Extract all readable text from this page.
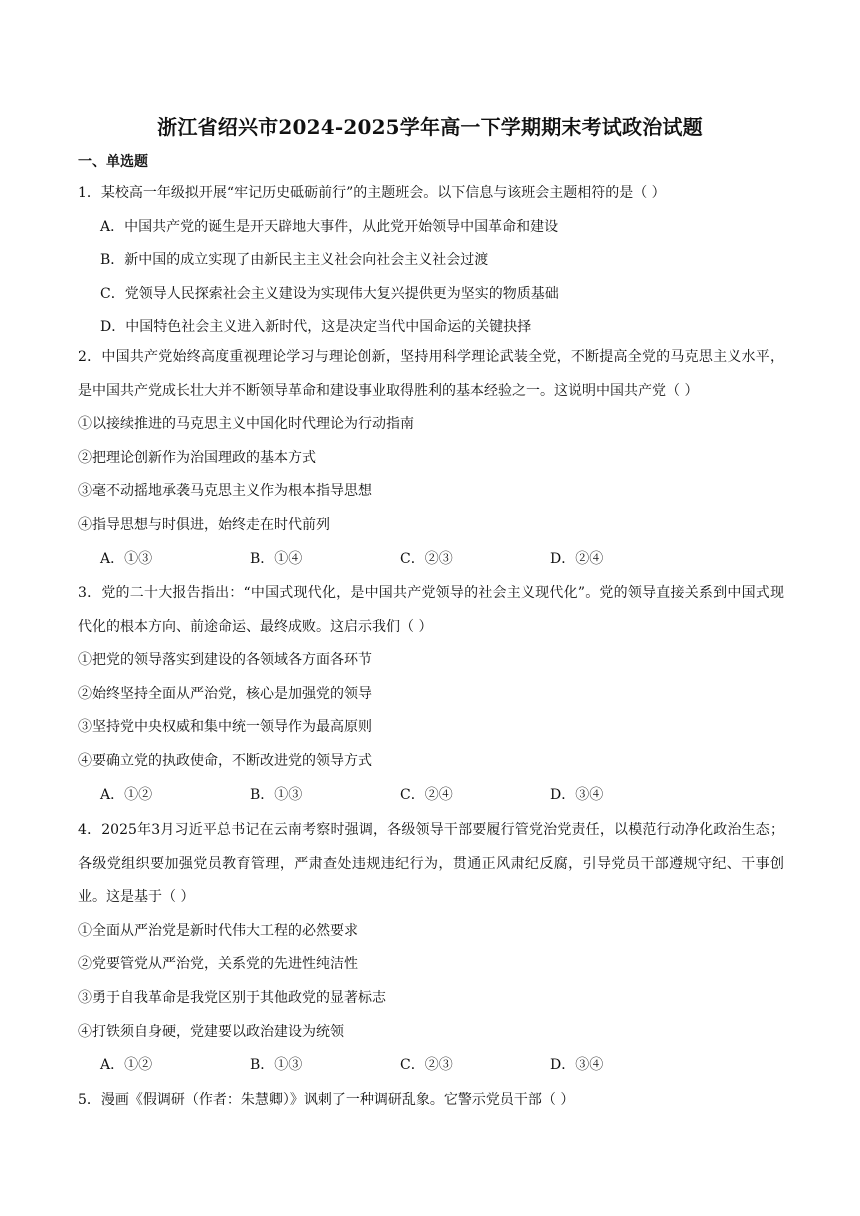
浙江省绍兴市2024-2025学年高一下学期期末考试政治试题
一、单选题
1．某校高一年级拟开展“牢记历史砥砺前行”的主题班会。以下信息与该班会主题相符的是（ ）
A．中国共产党的诞生是开天辟地大事件，从此党开始领导中国革命和建设
B．新中国的成立实现了由新民主主义社会向社会主义社会过渡
C．党领导人民探索社会主义建设为实现伟大复兴提供更为坚实的物质基础
D．中国特色社会主义进入新时代，这是决定当代中国命运的关键抉择
2．中国共产党始终高度重视理论学习与理论创新，坚持用科学理论武装全党，不断提高全党的马克思主义水平，是中国共产党成长壮大并不断领导革命和建设事业取得胜利的基本经验之一。这说明中国共产党（ ）
①以接续推进的马克思主义中国化时代理论为行动指南
②把理论创新作为治国理政的基本方式
③毫不动摇地承袭马克思主义作为根本指导思想
④指导思想与时俱进，始终走在时代前列
A．①③	B．①④	C．②③	D．②④
3．党的二十大报告指出：“中国式现代化，是中国共产党领导的社会主义现代化”。党的领导直接关系到中国式现代化的根本方向、前途命运、最终成败。这启示我们（ ）
①把党的领导落实到建设的各领域各方面各环节
②始终坚持全面从严治党，核心是加强党的领导
③坚持党中央权威和集中统一领导作为最高原则
④要确立党的执政使命，不断改进党的领导方式
A．①②	B．①③	C．②④	D．③④
4．2025年3月习近平总书记在云南考察时强调，各级领导干部要履行管党治党责任，以模范行动净化政治生态；各级党组织要加强党员教育管理，严肃查处违规违纪行为，贯通正风肃纪反腐，引导党员干部遵规守纪、干事创业。这是基于（ ）
①全面从严治党是新时代伟大工程的必然要求
②党要管党从严治党，关系党的先进性纯洁性
③勇于自我革命是我党区别于其他政党的显著标志
④打铁须自身硬，党建要以政治建设为统领
A．①②	B．①③	C．②③	D．③④
5．漫画《假调研（作者：朱慧卿）》讽刺了一种调研乱象。它警示党员干部（ ）
